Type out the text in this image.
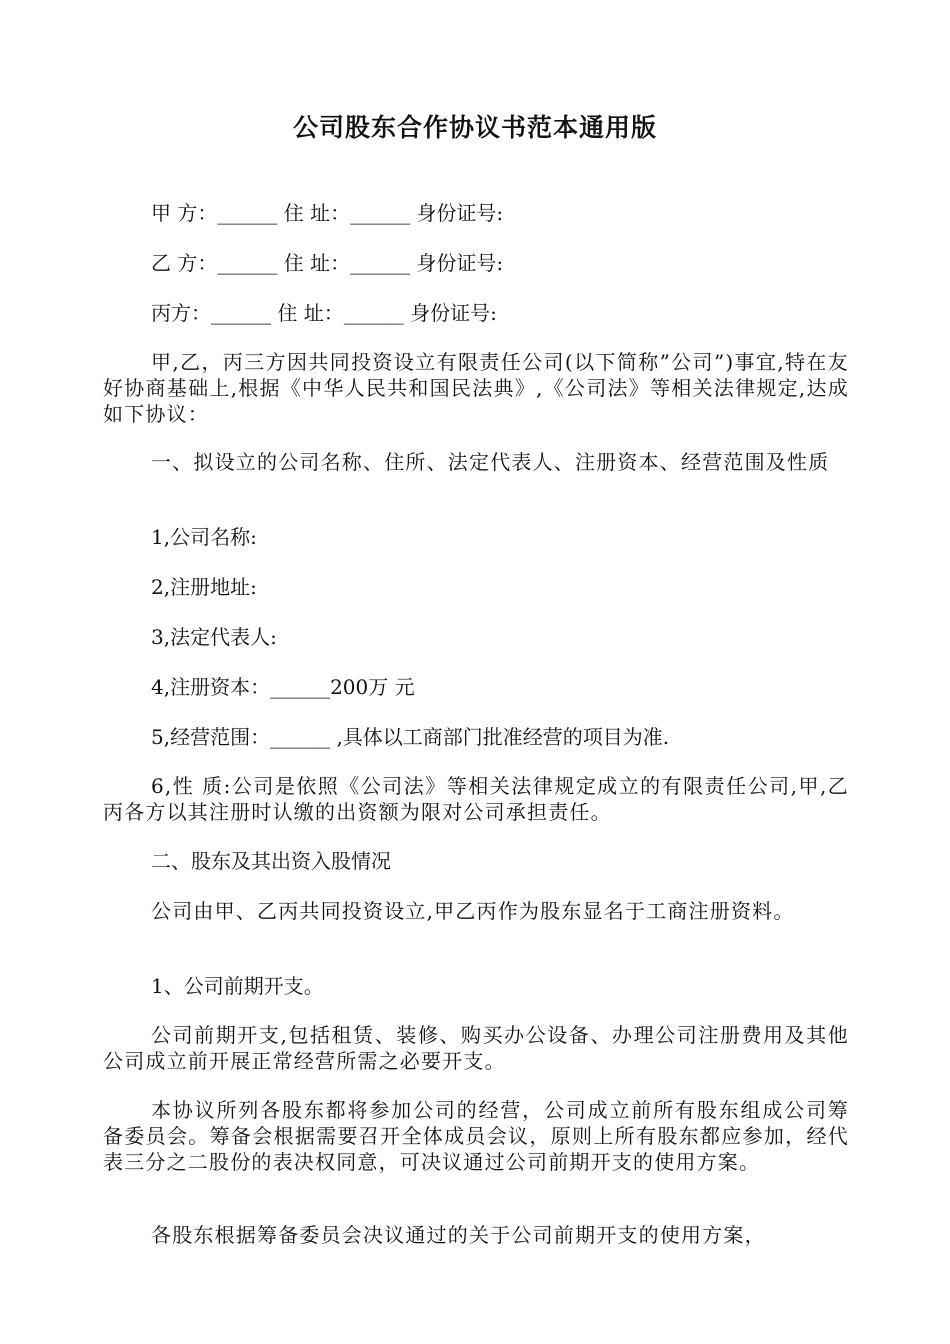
公司股东合作协议书范本通用版
甲 方：______ 住 址：______ 身份证号:
乙 方：______ 住 址：______ 身份证号:
丙方：______ 住 址：______ 身份证号:
甲,乙，丙三方因共同投资设立有限责任公司(以下简称”公司”)事宜,特在友好协商基础上,根据《中华人民共和国民法典》,《公司法》等相关法律规定,达成如下协议：
一、拟设立的公司名称、住所、法定代表人、注册资本、经营范围及性质
1,公司名称:
2,注册地址:
3,法定代表人:
4,注册资本：______200万 元
5,经营范围：______ ,具体以工商部门批准经营的项目为准.
6,性 质:公司是依照《公司法》等相关法律规定成立的有限责任公司,甲,乙丙各方以其注册时认缴的出资额为限对公司承担责任。
二、股东及其出资入股情况
公司由甲、乙丙共同投资设立,甲乙丙作为股东显名于工商注册资料。
1、公司前期开支。
公司前期开支,包括租赁、装修、购买办公设备、办理公司注册费用及其他公司成立前开展正常经营所需之必要开支。
本协议所列各股东都将参加公司的经营，公司成立前所有股东组成公司筹备委员会。筹备会根据需要召开全体成员会议，原则上所有股东都应参加，经代表三分之二股份的表决权同意，可决议通过公司前期开支的使用方案。
各股东根据筹备委员会决议通过的关于公司前期开支的使用方案，
